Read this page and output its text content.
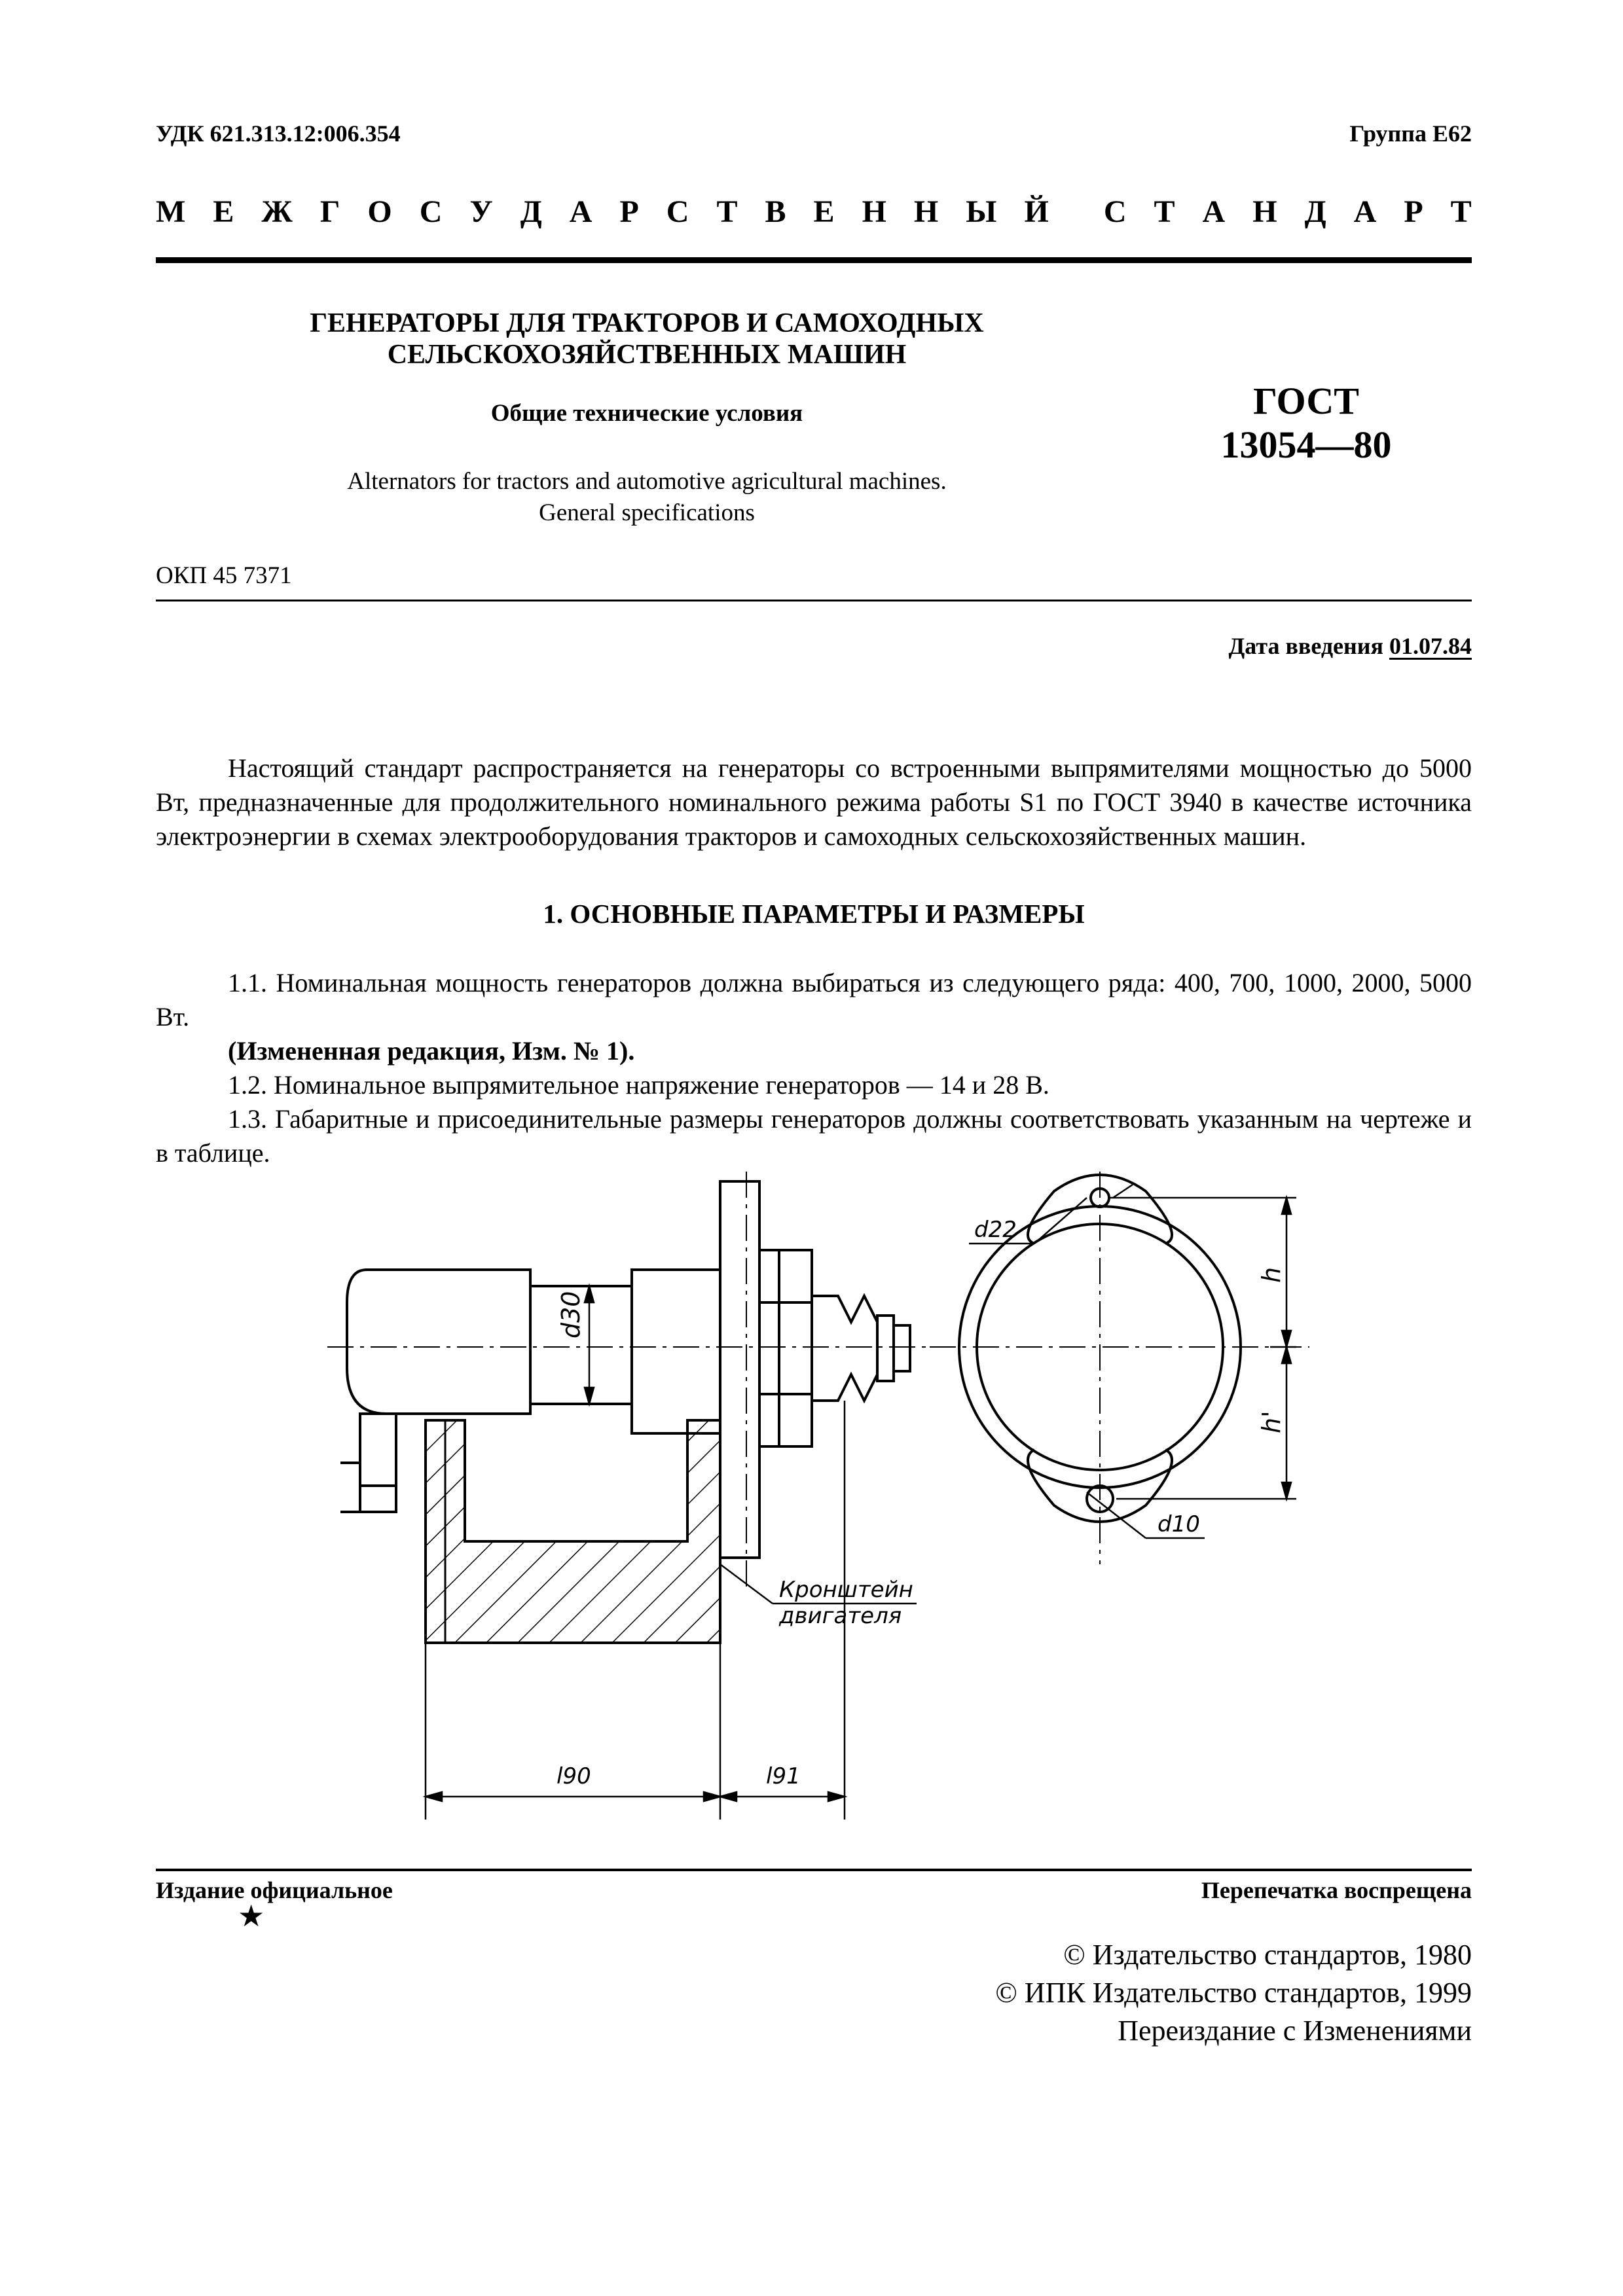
УДК 621.313.12:006.354	Группа Е62
М Е Ж Г О С У Д А Р С Т В Е Н Н Ы Й С Т А Н Д А Р Т
ГЕНЕРАТОРЫ ДЛЯ ТРАКТОРОВ И САМОХОДНЫХ
СЕЛЬСКОХОЗЯЙСТВЕННЫХ МАШИН
Общие технические условия	ГОСТ
13054—80
Alternators for tractors and automotive agricultural machines.
General specifications
ОКП 45 7371
Дата введения 01.07.84

Настоящий стандарт распространяется на генераторы со встроенными выпрямителями мощностью до 5000 Вт, предназначенные для продолжительного номинального режима работы S1 по ГОСТ 3940 в качестве источника электроэнергии в схемах электрооборудования тракторов и самоходных сельскохозяйственных машин.

1. ОСНОВНЫЕ ПАРАМЕТРЫ И РАЗМЕРЫ

1.1. Номинальная мощность генераторов должна выбираться из следующего ряда: 400, 700, 1000, 2000, 5000 Вт.

(Измененная редакция, Изм. № 1).

1.2. Номинальное выпрямительное напряжение генераторов — 14 и 28 В.

1.3. Габаритные и присоединительные размеры генераторов должны соответствовать указанным на чертеже и в таблице.

d30
h
h'
d22
d10
Кронштейн
двигателя
l90	l91
Издание официальное
★
Перепечатка воспрещена
© Издательство стандартов, 1980
© ИПК Издательство стандартов, 1999
Переиздание с Изменениями
